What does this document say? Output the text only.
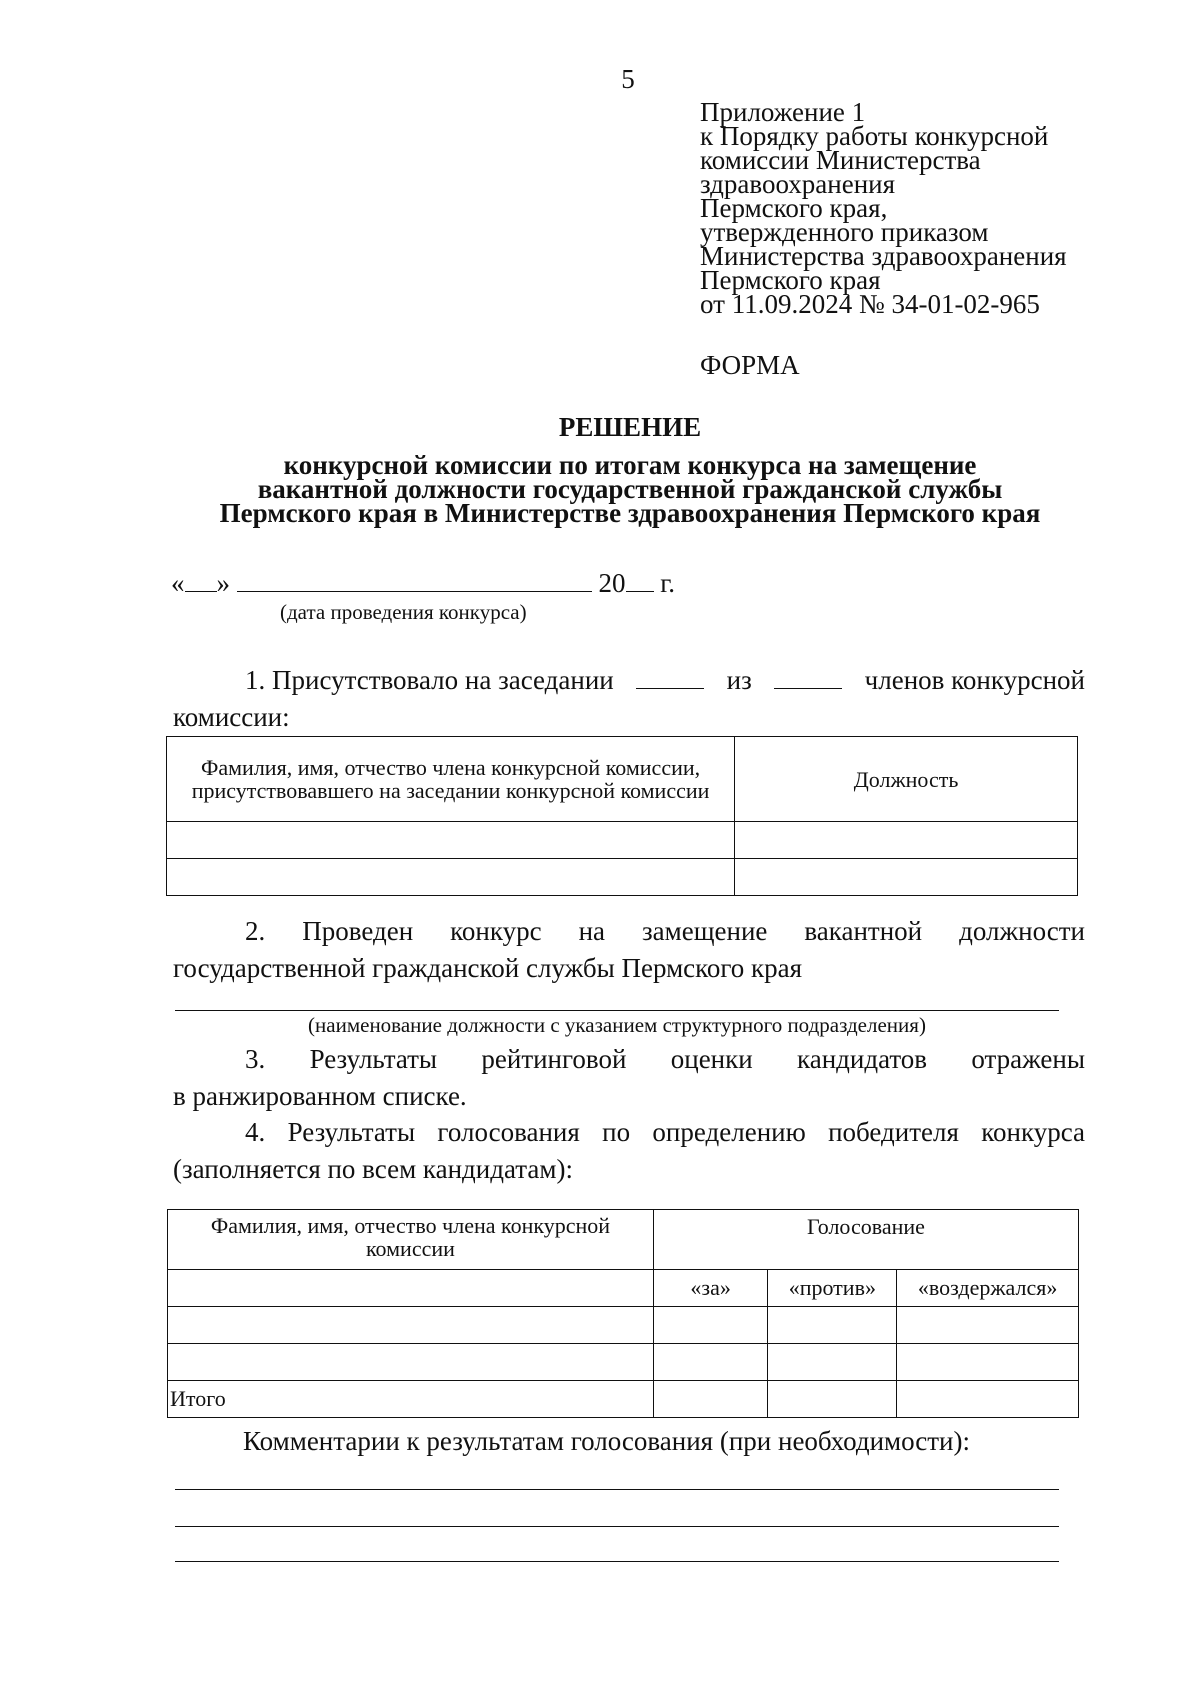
5
Приложение 1
к Порядку работы конкурсной
комиссии Министерства
здравоохранения
Пермского края,
утвержденного приказом
Министерства здравоохранения
Пермского края
от 11.09.2024 № 34-01-02-965
ФОРМА
РЕШЕНИЕ
конкурсной комиссии по итогам конкурса на замещение
вакантной должности государственной гражданской службы
Пермского края в Министерстве здравоохранения Пермского края
« »	20 г.
(дата проведения конкурса)
1. Присутствовало на заседании	из	членов конкурсной
комиссии:
Фамилия, имя, отчество члена конкурсной комиссии, присутствовавшего на заседании конкурсной комиссии	Должность

2. Проведен конкурс на замещение вакантной должности
государственной гражданской службы Пермского края
(наименование должности с указанием структурного подразделения)
3. Результаты рейтинговой оценки кандидатов отражены
в ранжированном списке.
4. Результаты голосования по определению победителя конкурса
(заполняется по всем кандидатам):
Фамилия, имя, отчество члена конкурсной комиссии	Голосование		
	«за»	«против»	«воздержался»

Итого			
Комментарии к результатам голосования (при необходимости):
